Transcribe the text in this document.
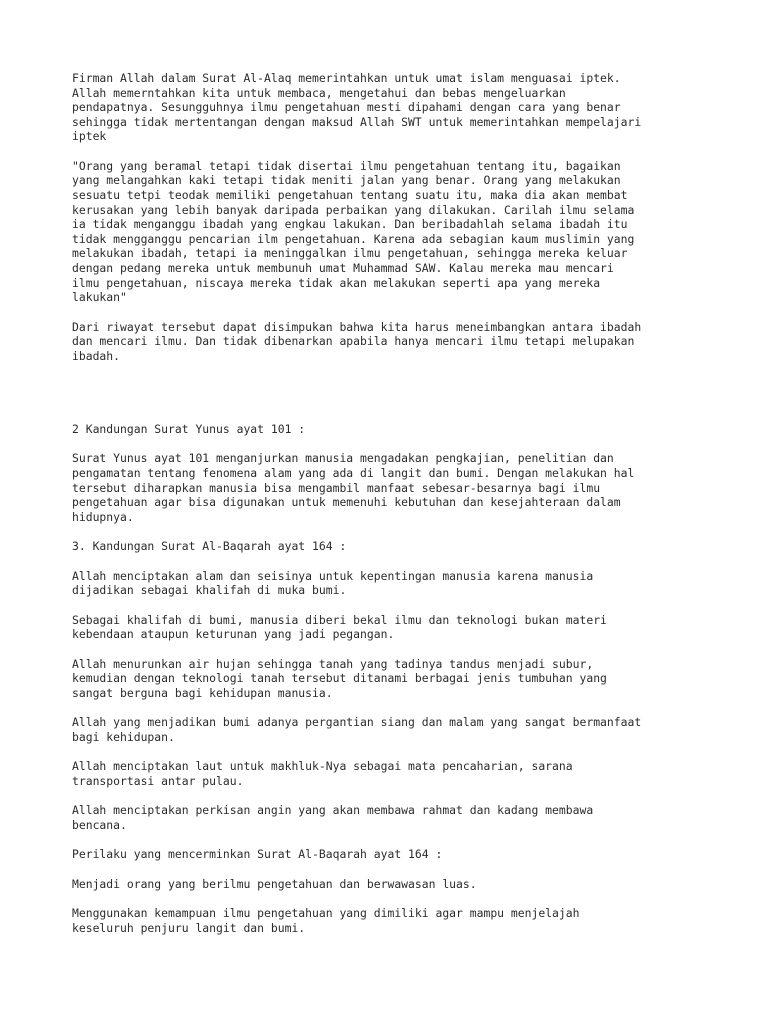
Firman Allah dalam Surat Al-Alaq memerintahkan untuk umat islam menguasai iptek.
Allah memerntahkan kita untuk membaca, mengetahui dan bebas mengeluarkan
pendapatnya. Sesungguhnya ilmu pengetahuan mesti dipahami dengan cara yang benar
sehingga tidak mertentangan dengan maksud Allah SWT untuk memerintahkan mempelajari
iptek

"Orang yang beramal tetapi tidak disertai ilmu pengetahuan tentang itu, bagaikan
yang melangahkan kaki tetapi tidak meniti jalan yang benar. Orang yang melakukan
sesuatu tetpi teodak memiliki pengetahuan tentang suatu itu, maka dia akan membat
kerusakan yang lebih banyak daripada perbaikan yang dilakukan. Carilah ilmu selama
ia tidak menganggu ibadah yang engkau lakukan. Dan beribadahlah selama ibadah itu
tidak mengganggu pencarian ilm pengetahuan. Karena ada sebagian kaum muslimin yang
melakukan ibadah, tetapi ia meninggalkan ilmu pengetahuan, sehingga mereka keluar
dengan pedang mereka untuk membunuh umat Muhammad SAW. Kalau mereka mau mencari
ilmu pengetahuan, niscaya mereka tidak akan melakukan seperti apa yang mereka
lakukan"

Dari riwayat tersebut dapat disimpukan bahwa kita harus meneimbangkan antara ibadah
dan mencari ilmu. Dan tidak dibenarkan apabila hanya mencari ilmu tetapi melupakan
ibadah.

2 Kandungan Surat Yunus ayat 101 :

Surat Yunus ayat 101 menganjurkan manusia mengadakan pengkajian, penelitian dan
pengamatan tentang fenomena alam yang ada di langit dan bumi. Dengan melakukan hal
tersebut diharapkan manusia bisa mengambil manfaat sebesar-besarnya bagi ilmu
pengetahuan agar bisa digunakan untuk memenuhi kebutuhan dan kesejahteraan dalam
hidupnya.

3. Kandungan Surat Al-Baqarah ayat 164 :

Allah menciptakan alam dan seisinya untuk kepentingan manusia karena manusia
dijadikan sebagai khalifah di muka bumi.

Sebagai khalifah di bumi, manusia diberi bekal ilmu dan teknologi bukan materi
kebendaan ataupun keturunan yang jadi pegangan.

Allah menurunkan air hujan sehingga tanah yang tadinya tandus menjadi subur,
kemudian dengan teknologi tanah tersebut ditanami berbagai jenis tumbuhan yang
sangat berguna bagi kehidupan manusia.

Allah yang menjadikan bumi adanya pergantian siang dan malam yang sangat bermanfaat
bagi kehidupan.

Allah menciptakan laut untuk makhluk-Nya sebagai mata pencaharian, sarana
transportasi antar pulau.

Allah menciptakan perkisan angin yang akan membawa rahmat dan kadang membawa
bencana.

Perilaku yang mencerminkan Surat Al-Baqarah ayat 164 :

Menjadi orang yang berilmu pengetahuan dan berwawasan luas.

Menggunakan kemampuan ilmu pengetahuan yang dimiliki agar mampu menjelajah
keseluruh penjuru langit dan bumi.
